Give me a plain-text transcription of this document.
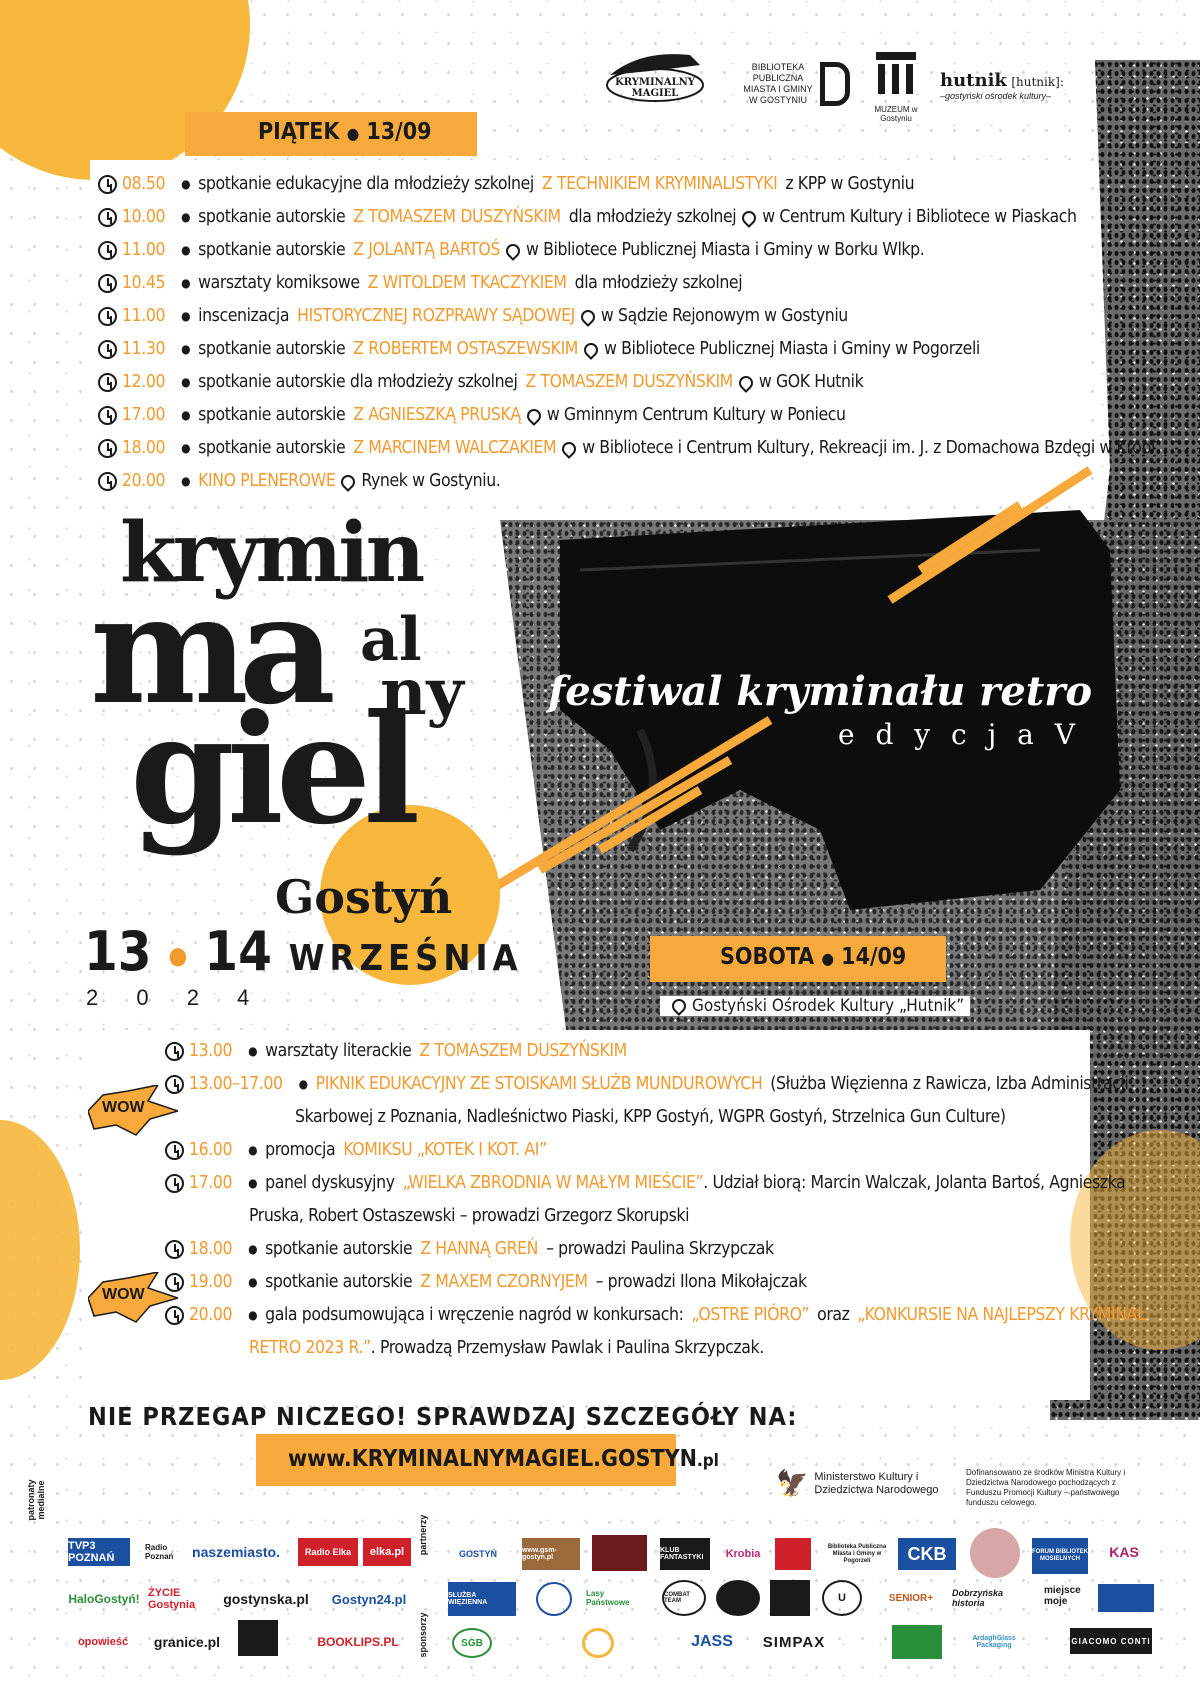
KRYMINALNY MAGIEL
BIBLIOTEKA PUBLICZNA MIASTA I GMINY W GOSTYNIU
MUZEUM w Gostyniu
hutnik [hutnik]:
–gostyński ośrodek kultury–
PIĄTEK ● 13/09
08.50 ● spotkanie edukacyjne dla młodzieży szkolnej Z TECHNIKIEM KRYMINALISTYKI z KPP w Gostyniu
10.00 ● spotkanie autorskie Z TOMASZEM DUSZYŃSKIM dla młodzieży szkolnej w Centrum Kultury i Bibliotece w Piaskach
11.00 ● spotkanie autorskie Z JOLANTĄ BARTOŚ w Bibliotece Publicznej Miasta i Gminy w Borku Wlkp.
10.45 ● warsztaty komiksowe Z WITOLDEM TKACZYKIEM dla młodzieży szkolnej
11.00 ● inscenizacja HISTORYCZNEJ ROZPRAWY SĄDOWEJ w Sądzie Rejonowym w Gostyniu
11.30 ● spotkanie autorskie Z ROBERTEM OSTASZEWSKIM w Bibliotece Publicznej Miasta i Gminy w Pogorzeli
12.00 ● spotkanie autorskie dla młodzieży szkolnej Z TOMASZEM DUSZYŃSKIM w GOK Hutnik
17.00 ● spotkanie autorskie Z AGNIESZKĄ PRUSKĄ w Gminnym Centrum Kultury w Poniecu
18.00 ● spotkanie autorskie Z MARCINEM WALCZAKIEM w Bibliotece i Centrum Kultury, Rekreacji im. J. z Domachowa Bzdęgi w Krobi
20.00 ● KINO PLENEROWE Rynek w Gostyniu.
krymin
ma al
ny
giel
Gostyń
13 ● 14 WRZEŚNIA
2 0 2 4
festiwal kryminału retro
e d y c j a V
SOBOTA ● 14/09
Gostyński Ośrodek Kultury „Hutnik”
WOW
WOW
13.00 ● warsztaty literackie Z TOMASZEM DUSZYŃSKIM
13.00–17.00 ● PIKNIK EDUKACYJNY ZE STOISKAMI SŁUŻB MUNDUROWYCH (Służba Więzienna z Rawicza, Izba Administracji
Skarbowej z Poznania, Nadleśnictwo Piaski, KPP Gostyń, WGPR Gostyń, Strzelnica Gun Culture)
16.00 ● promocja KOMIKSU „KOTEK I KOT. AI”
17.00 ● panel dyskusyjny „WIELKA ZBRODNIA W MAŁYM MIEŚCIE” . Udział biorą: Marcin Walczak, Jolanta Bartoś, Agnieszka
Pruska, Robert Ostaszewski – prowadzi Grzegorz Skorupski
18.00 ● spotkanie autorskie Z HANNĄ GREŃ – prowadzi Paulina Skrzypczak
19.00 ● spotkanie autorskie Z MAXEM CZORNYJEM – prowadzi Ilona Mikołajczak
20.00 ● gala podsumowująca i wręczenie nagród w konkursach: „OSTRE PIÓRO” oraz „KONKURSIE NA NAJLEPSZY KRYMINAŁ
RETRO 2023 R.” . Prowadzą Przemysław Pawlak i Paulina Skrzypczak.
NIE PRZEGAP NICZEGO! SPRAWDZAJ SZCZEGÓŁY NA:
www.KRYMINALNYMAGIEL.GOSTYN.pl
🦅 Ministerstwo Kultury i Dziedzictwa Narodowego
Dofinansowano ze środków Ministra Kultury i Dziedzictwa Narodowego pochodzących z Funduszu Promocji Kultury – państwowego funduszu celowego.
patronaty medialne
partnerzy
sponsorzy
TVP3 POZNAŃ
Radio Poznań	naszemiasto.	Radio Elka	elka.pl
HaloGostyń! ŻYCIE Gostynia	gostynska.pl	Gostyn24.pl
opowieść	granice.pl	BOOKLIPS.PL
GOSTYŃ	www.gsm-gostyn.pl
KLUB FANTASTYKI	Krobia
Biblioteka Publiczna Miasta i Gminy w Pogorzeli	CKB	FORUM BIBLIOTEK MOSIELNYCH	KAS
SŁUŻBA WIĘZIENNA
Lasy Państwowe
COMBAT TEAM	U	SENIOR+	Dobrzyńska historia
miejsce moje
SGB	JASS	SIMPAX	ArdaghGlass Packaging	GIACOMO CONTI
